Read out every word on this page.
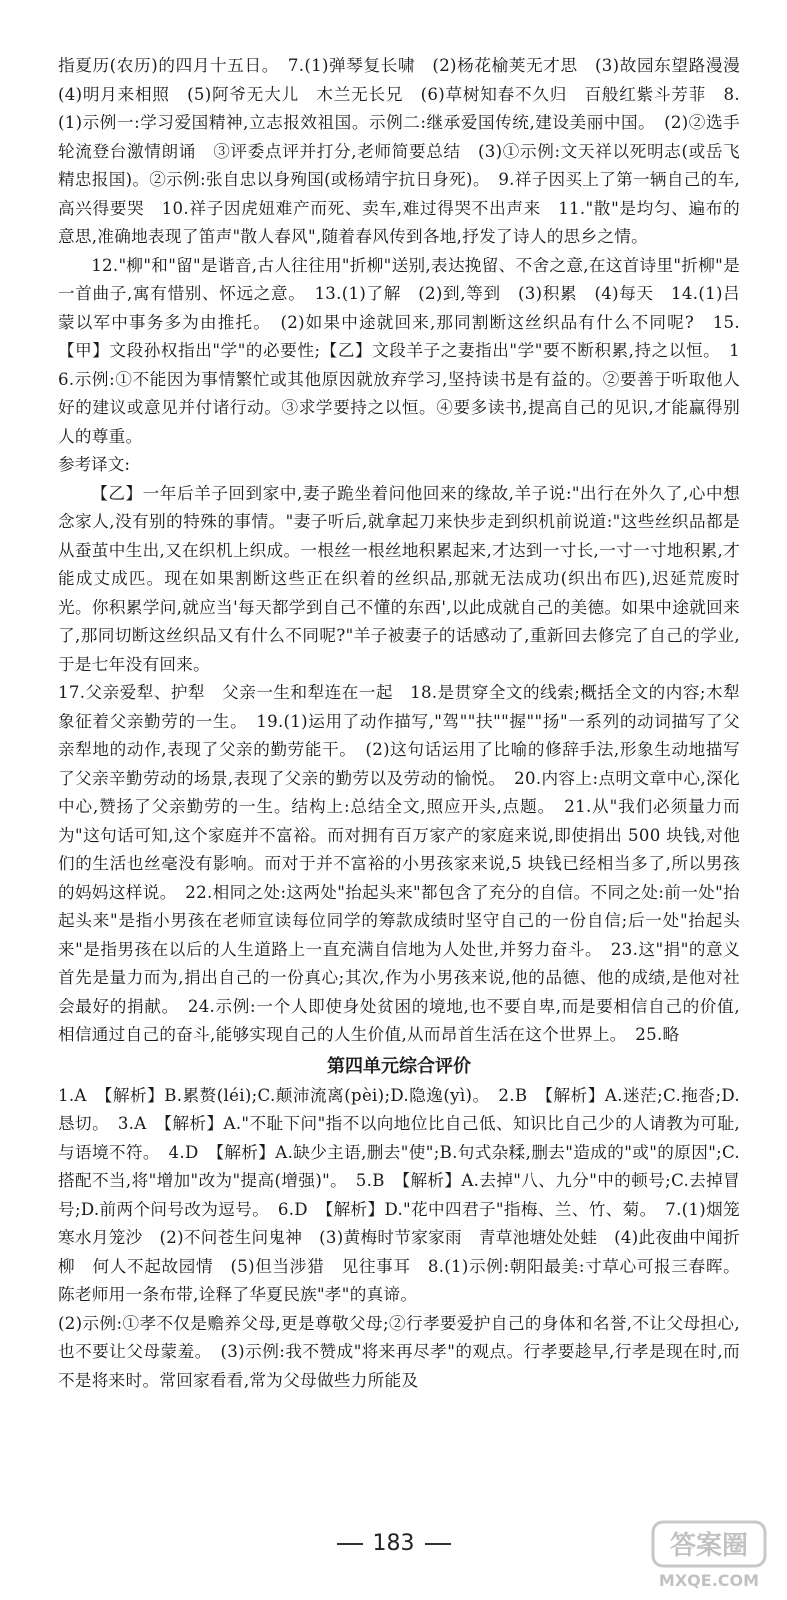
指夏历(农历)的四月十五日。　7.(1)弹琴复长啸　(2)杨花榆荚无才思　(3)故园东望路漫漫　(4)明月来相照　(5)阿爷无大儿　木兰无长兄　(6)草树知春不久归　百般红紫斗芳菲　8.(1)示例一:学习爱国精神,立志报效祖国。示例二:继承爱国传统,建设美丽中国。　(2)②选手轮流登台激情朗诵　③评委点评并打分,老师简要总结　(3)①示例:文天祥以死明志(或岳飞精忠报国)。②示例:张自忠以身殉国(或杨靖宇抗日身死)。　9.祥子因买上了第一辆自己的车,高兴得要哭　10.祥子因虎妞难产而死、卖车,难过得哭不出声来　11."散"是均匀、遍布的意思,准确地表现了笛声"散人春风",随着春风传到各地,抒发了诗人的思乡之情。

12."柳"和"留"是谐音,古人往往用"折柳"送别,表达挽留、不舍之意,在这首诗里"折柳"是一首曲子,寓有惜别、怀远之意。　13.(1)了解　(2)到,等到　(3)积累　(4)每天　14.(1)吕蒙以军中事务多为由推托。　(2)如果中途就回来,那同割断这丝织品有什么不同呢?　15.【甲】文段孙权指出"学"的必要性;【乙】文段羊子之妻指出"学"要不断积累,持之以恒。　16.示例:①不能因为事情繁忙或其他原因就放弃学习,坚持读书是有益的。②要善于听取他人好的建议或意见并付诸行动。③求学要持之以恒。④要多读书,提高自己的见识,才能赢得别人的尊重。

参考译文:

【乙】一年后羊子回到家中,妻子跪坐着问他回来的缘故,羊子说:"出行在外久了,心中想念家人,没有别的特殊的事情。"妻子听后,就拿起刀来快步走到织机前说道:"这些丝织品都是从蚕茧中生出,又在织机上织成。一根丝一根丝地积累起来,才达到一寸长,一寸一寸地积累,才能成丈成匹。现在如果割断这些正在织着的丝织品,那就无法成功(织出布匹),迟延荒废时光。你积累学问,就应当'每天都学到自己不懂的东西',以此成就自己的美德。如果中途就回来了,那同切断这丝织品又有什么不同呢?"羊子被妻子的话感动了,重新回去修完了自己的学业,于是七年没有回来。

17.父亲爱犁、护犁　父亲一生和犁连在一起　18.是贯穿全文的线索;概括全文的内容;木犁象征着父亲勤劳的一生。　19.(1)运用了动作描写,"驾""扶""握""扬"一系列的动词描写了父亲犁地的动作,表现了父亲的勤劳能干。　(2)这句话运用了比喻的修辞手法,形象生动地描写了父亲辛勤劳动的场景,表现了父亲的勤劳以及劳动的愉悦。　20.内容上:点明文章中心,深化中心,赞扬了父亲勤劳的一生。结构上:总结全文,照应开头,点题。　21.从"我们必须量力而为"这句话可知,这个家庭并不富裕。而对拥有百万家产的家庭来说,即使捐出 500 块钱,对他们的生活也丝毫没有影响。而对于并不富裕的小男孩家来说,5 块钱已经相当多了,所以男孩的妈妈这样说。　22.相同之处:这两处"抬起头来"都包含了充分的自信。不同之处:前一处"抬起头来"是指小男孩在老师宣读每位同学的筹款成绩时坚守自己的一份自信;后一处"抬起头来"是指男孩在以后的人生道路上一直充满自信地为人处世,并努力奋斗。　23.这"捐"的意义首先是量力而为,捐出自己的一份真心;其次,作为小男孩来说,他的品德、他的成绩,是他对社会最好的捐献。　24.示例:一个人即使身处贫困的境地,也不要自卑,而是要相信自己的价值,相信通过自己的奋斗,能够实现自己的人生价值,从而昂首生活在这个世界上。　25.略

第四单元综合评价

1.A　【解析】B.累赘(léi);C.颠沛流离(pèi);D.隐逸(yì)。　2.B　【解析】A.迷茫;C.拖沓;D.恳切。　3.A　【解析】A."不耻下问"指不以向地位比自己低、知识比自己少的人请教为可耻,与语境不符。　4.D　【解析】A.缺少主语,删去"使";B.句式杂糅,删去"造成的"或"的原因";C.搭配不当,将"增加"改为"提高(增强)"。　5.B　【解析】A.去掉"八、九分"中的顿号;C.去掉冒号;D.前两个问号改为逗号。　6.D　【解析】D."花中四君子"指梅、兰、竹、菊。　7.(1)烟笼寒水月笼沙　(2)不问苍生问鬼神　(3)黄梅时节家家雨　青草池塘处处蛙　(4)此夜曲中闻折柳　何人不起故园情　(5)但当涉猎　见往事耳　8.(1)示例:朝阳最美:寸草心可报三春晖。陈老师用一条布带,诠释了华夏民族"孝"的真谛。

(2)示例:①孝不仅是赡养父母,更是尊敬父母;②行孝要爱护自己的身体和名誉,不让父母担心,也不要让父母蒙羞。　(3)示例:我不赞成"将来再尽孝"的观点。行孝要趁早,行孝是现在时,而不是将来时。常回家看看,常为父母做些力所能及

183	答案圈
MXQE.COM
